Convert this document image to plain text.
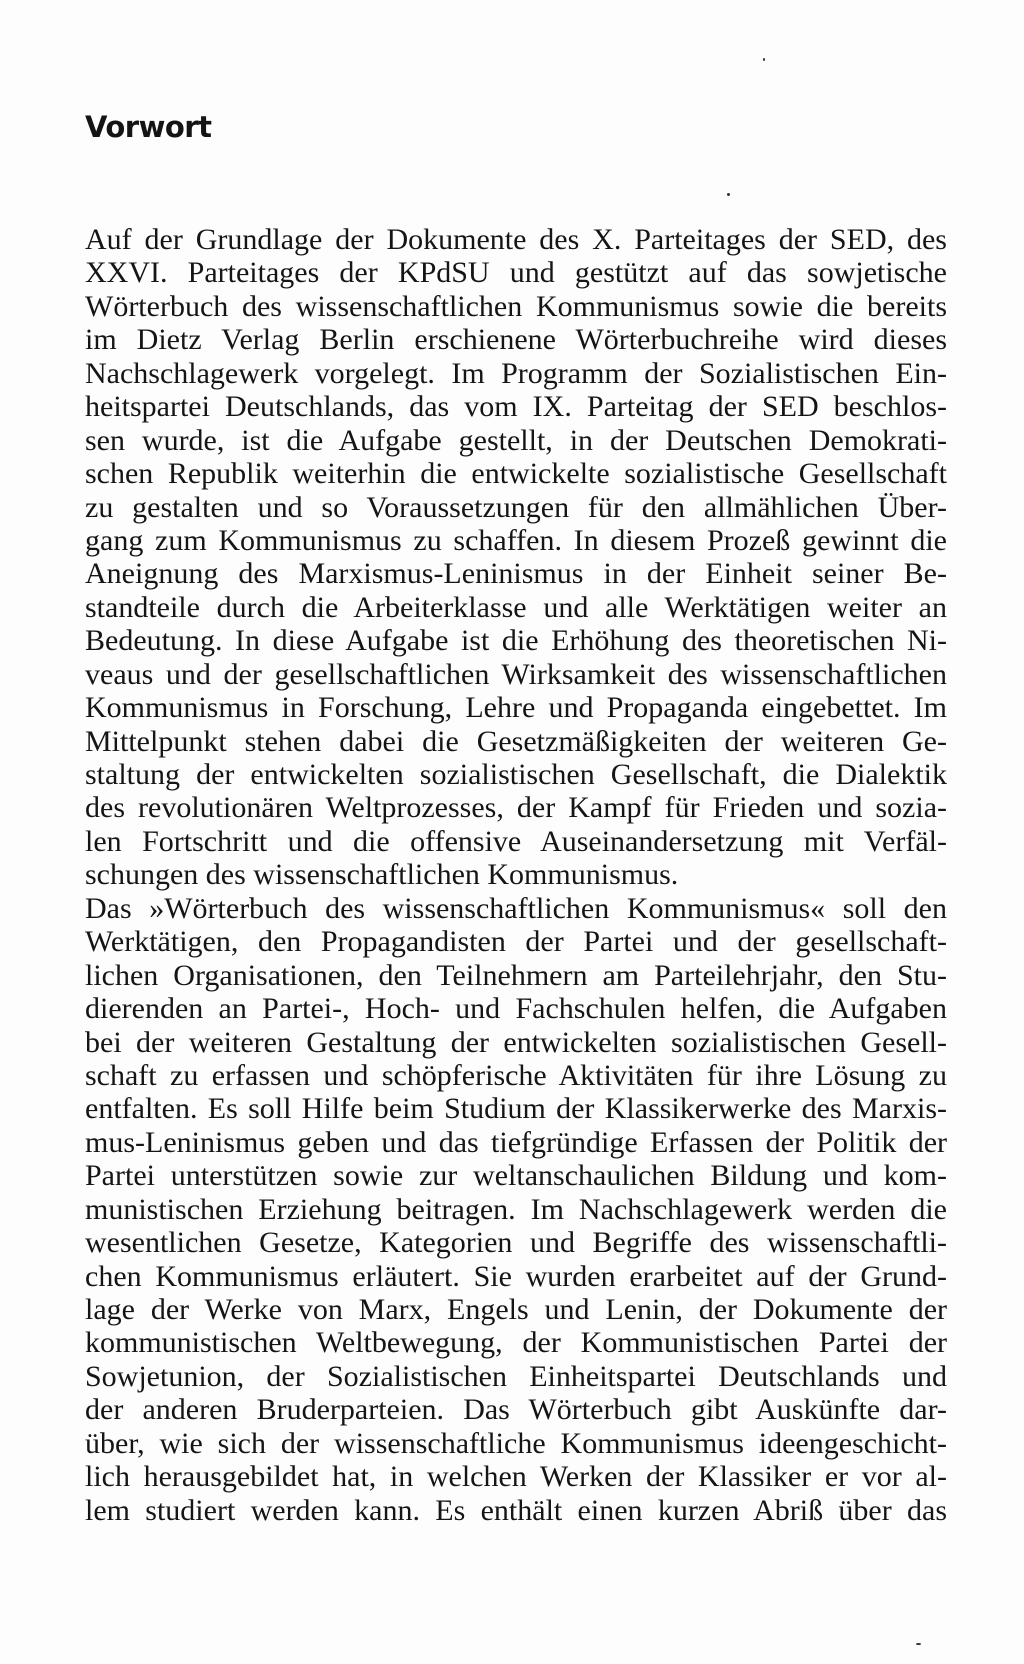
Vorwort
Auf der Grundlage der Dokumente des X. Parteitages der SED, des
XXVI. Parteitages der KPdSU und gestützt auf das sowjetische
Wörterbuch des wissenschaftlichen Kommunismus sowie die bereits
im Dietz Verlag Berlin erschienene Wörterbuchreihe wird dieses
Nachschlagewerk vorgelegt. Im Programm der Sozialistischen Ein-
heitspartei Deutschlands, das vom IX. Parteitag der SED beschlos-
sen wurde, ist die Aufgabe gestellt, in der Deutschen Demokrati-
schen Republik weiterhin die entwickelte sozialistische Gesellschaft
zu gestalten und so Voraussetzungen für den allmählichen Über-
gang zum Kommunismus zu schaffen. In diesem Prozeß gewinnt die
Aneignung des Marxismus-Leninismus in der Einheit seiner Be-
standteile durch die Arbeiterklasse und alle Werktätigen weiter an
Bedeutung. In diese Aufgabe ist die Erhöhung des theoretischen Ni-
veaus und der gesellschaftlichen Wirksamkeit des wissenschaftlichen
Kommunismus in Forschung, Lehre und Propaganda eingebettet. Im
Mittelpunkt stehen dabei die Gesetzmäßigkeiten der weiteren Ge-
staltung der entwickelten sozialistischen Gesellschaft, die Dialektik
des revolutionären Weltprozesses, der Kampf für Frieden und sozia-
len Fortschritt und die offensive Auseinandersetzung mit Verfäl-
schungen des wissenschaftlichen Kommunismus.
Das »Wörterbuch des wissenschaftlichen Kommunismus« soll den
Werktätigen, den Propagandisten der Partei und der gesellschaft-
lichen Organisationen, den Teilnehmern am Parteilehrjahr, den Stu-
dierenden an Partei-, Hoch- und Fachschulen helfen, die Aufgaben
bei der weiteren Gestaltung der entwickelten sozialistischen Gesell-
schaft zu erfassen und schöpferische Aktivitäten für ihre Lösung zu
entfalten. Es soll Hilfe beim Studium der Klassikerwerke des Marxis-
mus-Leninismus geben und das tiefgründige Erfassen der Politik der
Partei unterstützen sowie zur weltanschaulichen Bildung und kom-
munistischen Erziehung beitragen. Im Nachschlagewerk werden die
wesentlichen Gesetze, Kategorien und Begriffe des wissenschaftli-
chen Kommunismus erläutert. Sie wurden erarbeitet auf der Grund-
lage der Werke von Marx, Engels und Lenin, der Dokumente der
kommunistischen Weltbewegung, der Kommunistischen Partei der
Sowjetunion, der Sozialistischen Einheitspartei Deutschlands und
der anderen Bruderparteien. Das Wörterbuch gibt Auskünfte dar-
über, wie sich der wissenschaftliche Kommunismus ideengeschicht-
lich herausgebildet hat, in welchen Werken der Klassiker er vor al-
lem studiert werden kann. Es enthält einen kurzen Abriß über das
